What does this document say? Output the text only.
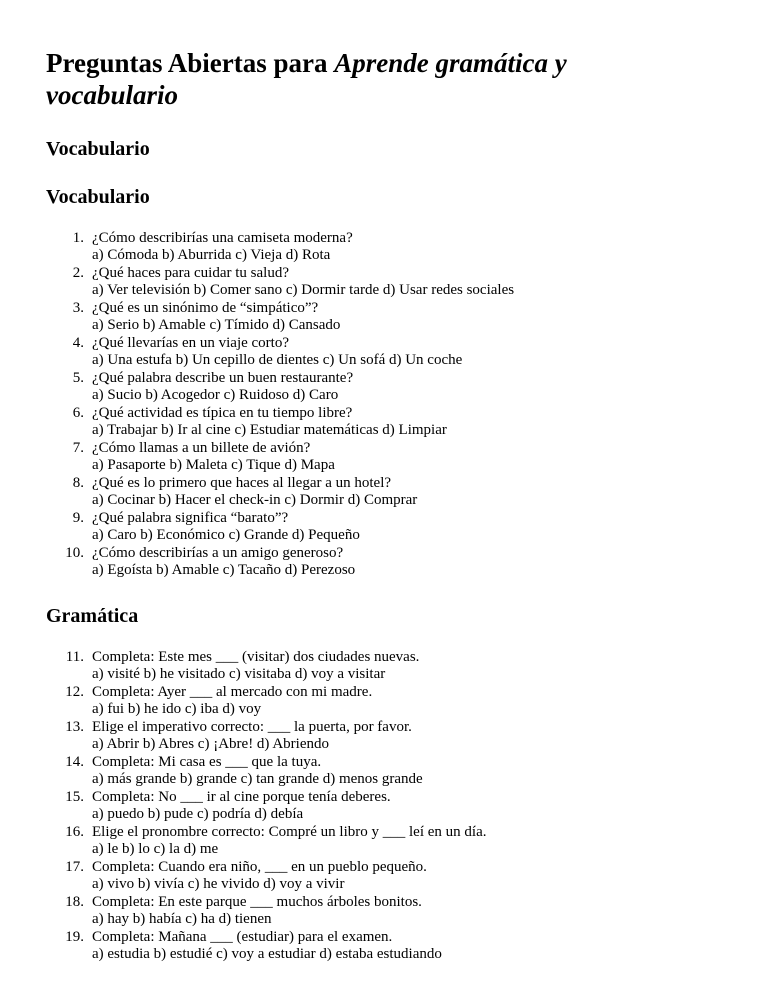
Preguntas Abiertas para Aprende gramática y vocabulario
Vocabulario
Vocabulario
1. ¿Cómo describirías una camiseta moderna?
a) Cómoda b) Aburrida c) Vieja d) Rota
2. ¿Qué haces para cuidar tu salud?
a) Ver televisión b) Comer sano c) Dormir tarde d) Usar redes sociales
3. ¿Qué es un sinónimo de “simpático”?
a) Serio b) Amable c) Tímido d) Cansado
4. ¿Qué llevarías en un viaje corto?
a) Una estufa b) Un cepillo de dientes c) Un sofá d) Un coche
5. ¿Qué palabra describe un buen restaurante?
a) Sucio b) Acogedor c) Ruidoso d) Caro
6. ¿Qué actividad es típica en tu tiempo libre?
a) Trabajar b) Ir al cine c) Estudiar matemáticas d) Limpiar
7. ¿Cómo llamas a un billete de avión?
a) Pasaporte b) Maleta c) Tique d) Mapa
8. ¿Qué es lo primero que haces al llegar a un hotel?
a) Cocinar b) Hacer el check-in c) Dormir d) Comprar
9. ¿Qué palabra significa “barato”?
a) Caro b) Económico c) Grande d) Pequeño
10. ¿Cómo describirías a un amigo generoso?
a) Egoísta b) Amable c) Tacaño d) Perezoso
Gramática
11. Completa: Este mes ___ (visitar) dos ciudades nuevas.
a) visité b) he visitado c) visitaba d) voy a visitar
12. Completa: Ayer ___ al mercado con mi madre.
a) fui b) he ido c) iba d) voy
13. Elige el imperativo correcto: ___ la puerta, por favor.
a) Abrir b) Abres c) ¡Abre! d) Abriendo
14. Completa: Mi casa es ___ que la tuya.
a) más grande b) grande c) tan grande d) menos grande
15. Completa: No ___ ir al cine porque tenía deberes.
a) puedo b) pude c) podría d) debía
16. Elige el pronombre correcto: Compré un libro y ___ leí en un día.
a) le b) lo c) la d) me
17. Completa: Cuando era niño, ___ en un pueblo pequeño.
a) vivo b) vivía c) he vivido d) voy a vivir
18. Completa: En este parque ___ muchos árboles bonitos.
a) hay b) había c) ha d) tienen
19. Completa: Mañana ___ (estudiar) para el examen.
a) estudia b) estudié c) voy a estudiar d) estaba estudiando
